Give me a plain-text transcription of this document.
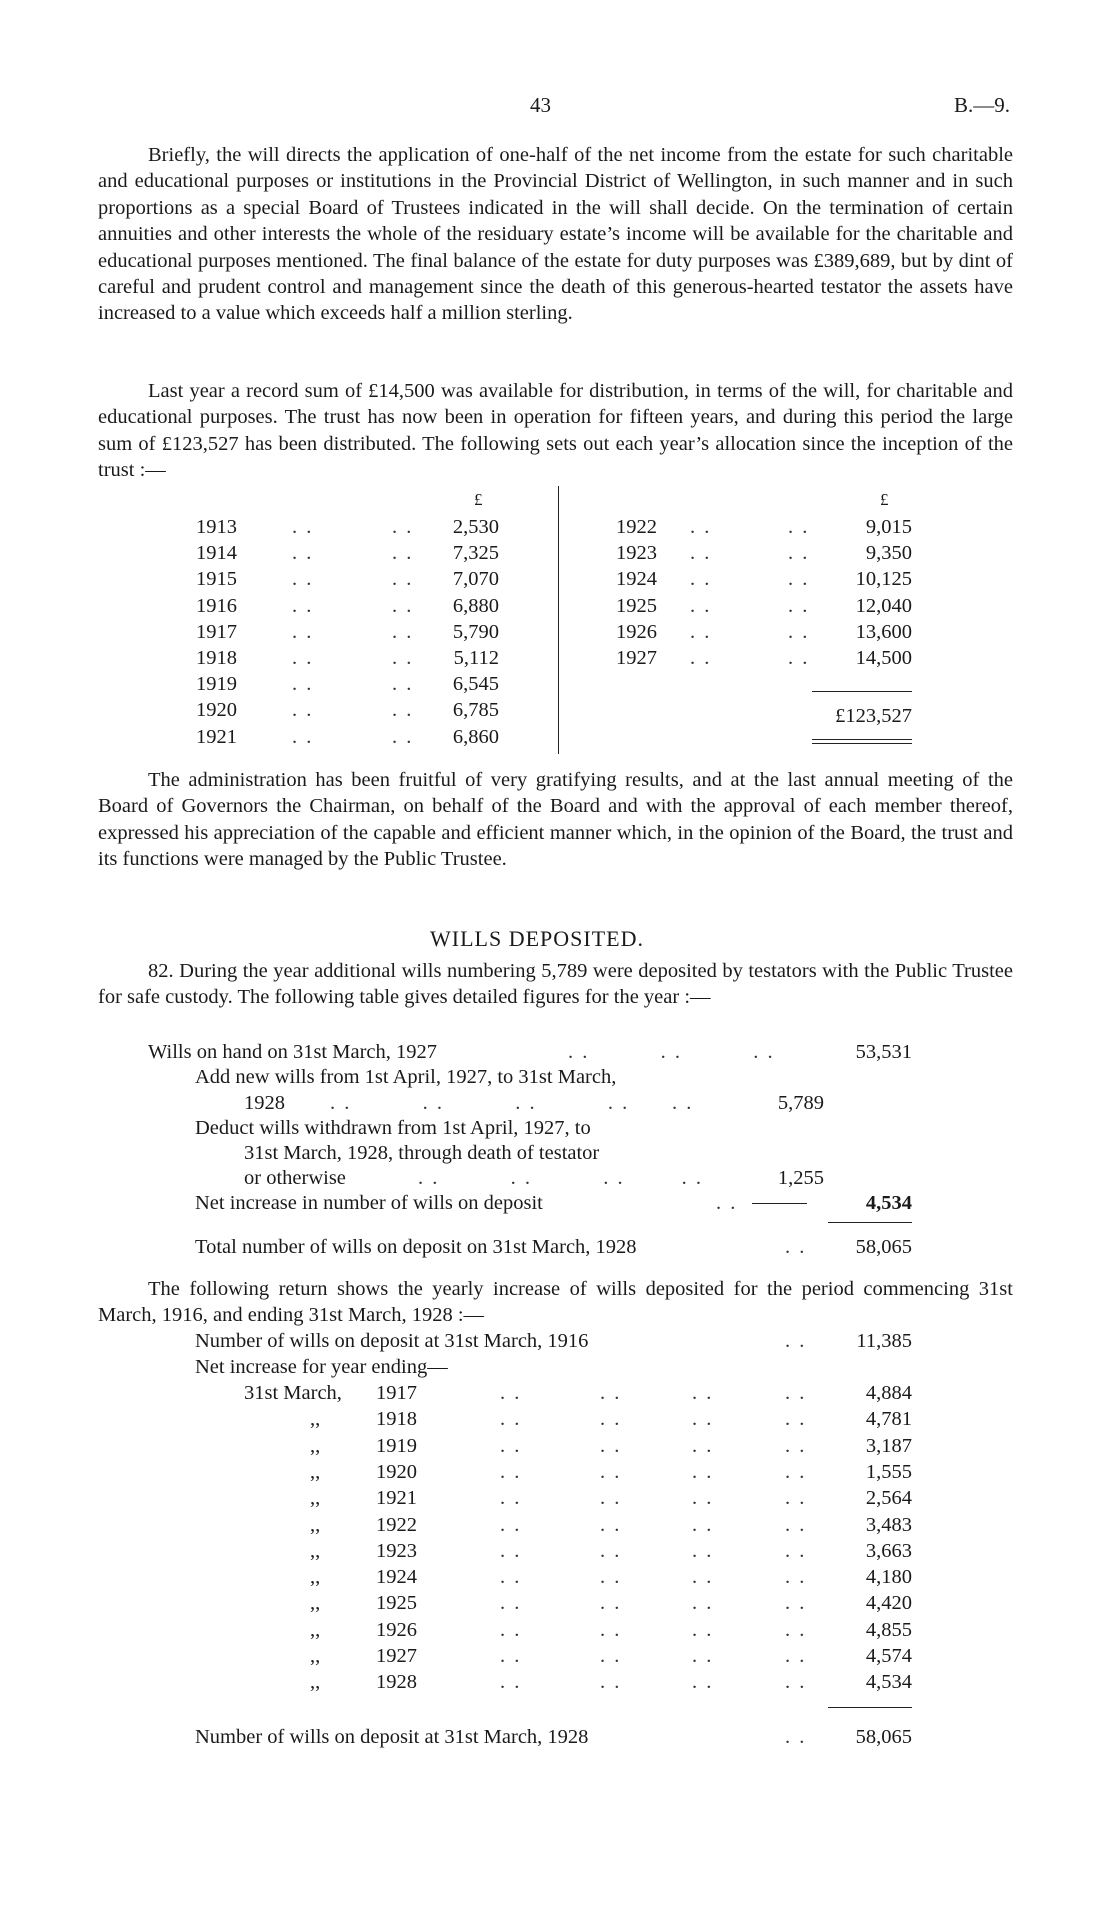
43	B.—9.
Briefly, the will directs the application of one-half of the net income from the estate for such charitable and educational purposes or institutions in the Provincial District of Wellington, in such manner and in such proportions as a special Board of Trustees indicated in the will shall decide. On the termination of certain annuities and other interests the whole of the residuary estate’s income will be available for the charitable and educational purposes mentioned. The final balance of the estate for duty purposes was £389,689, but by dint of careful and prudent control and management since the death of this generous-hearted testator the assets have increased to a value which exceeds half a million sterling.
Last year a record sum of £14,500 was available for distribution, in terms of the will, for charitable and educational purposes. The trust has now been in operation for fifteen years, and during this period the large sum of £123,527 has been distributed. The following sets out each year’s allocation since the inception of the trust :—
£	£
1913	. .	. . 2,530
1914	. .	. . 7,325
1915	. .	. . 7,070
1916	. .	. . 6,880
1917	. .	. . 5,790
1918	. .	. . 5,112
1919	. .	. . 6,545
1920	. .	. . 6,785
1921	. .	. . 6,860
1922 . .	. .	9,015
1923 . .	. .	9,350
1924 . .	. . 10,125
1925 . .	. . 12,040
1926 . .	. . 13,600
1927 . .	. . 14,500
£123,527
The administration has been fruitful of very gratifying results, and at the last annual meeting of the Board of Governors the Chairman, on behalf of the Board and with the approval of each member thereof, expressed his appreciation of the capable and efficient manner which, in the opinion of the Board, the trust and its functions were managed by the Public Trustee.
WILLS DEPOSITED.
82. During the year additional wills numbering 5,789 were deposited by testators with the Public Trustee for safe custody. The following table gives detailed figures for the year :—
Wills on hand on 31st March, 1927	. .          . .          . .	53,531
Add new wills from 1st April, 1927, to 31st March,
1928 . .          . .          . .          . .      . .	5,789
Deduct wills withdrawn from 1st April, 1927, to
31st March, 1928, through death of testator
or otherwise	. .          . .          . .        . .	1,255
Net increase in number of wills on deposit	. .	4,534
Total number of wills on deposit on 31st March, 1928	. . 58,065
The following return shows the yearly increase of wills deposited for the period commencing 31st March, 1916, and ending 31st March, 1928 :—
Number of wills on deposit at 31st March, 1916	. . 11,385
Net increase for year ending—
31st March, 1917	. .	. .	. .	. .	4,884
,,	1918	. .	. .	. .	. .	4,781
,,	1919	. .	. .	. .	. .	3,187
,,	1920	. .	. .	. .	. .	1,555
,,	1921	. .	. .	. .	. .	2,564
,,	1922	. .	. .	. .	. .	3,483
,,	1923	. .	. .	. .	. .	3,663
,,	1924	. .	. .	. .	. .	4,180
,,	1925	. .	. .	. .	. .	4,420
,,	1926	. .	. .	. .	. .	4,855
,,	1927	. .	. .	. .	. .	4,574
,,	1928	. .	. .	. .	. .	4,534
Number of wills on deposit at 31st March, 1928	. . 58,065
